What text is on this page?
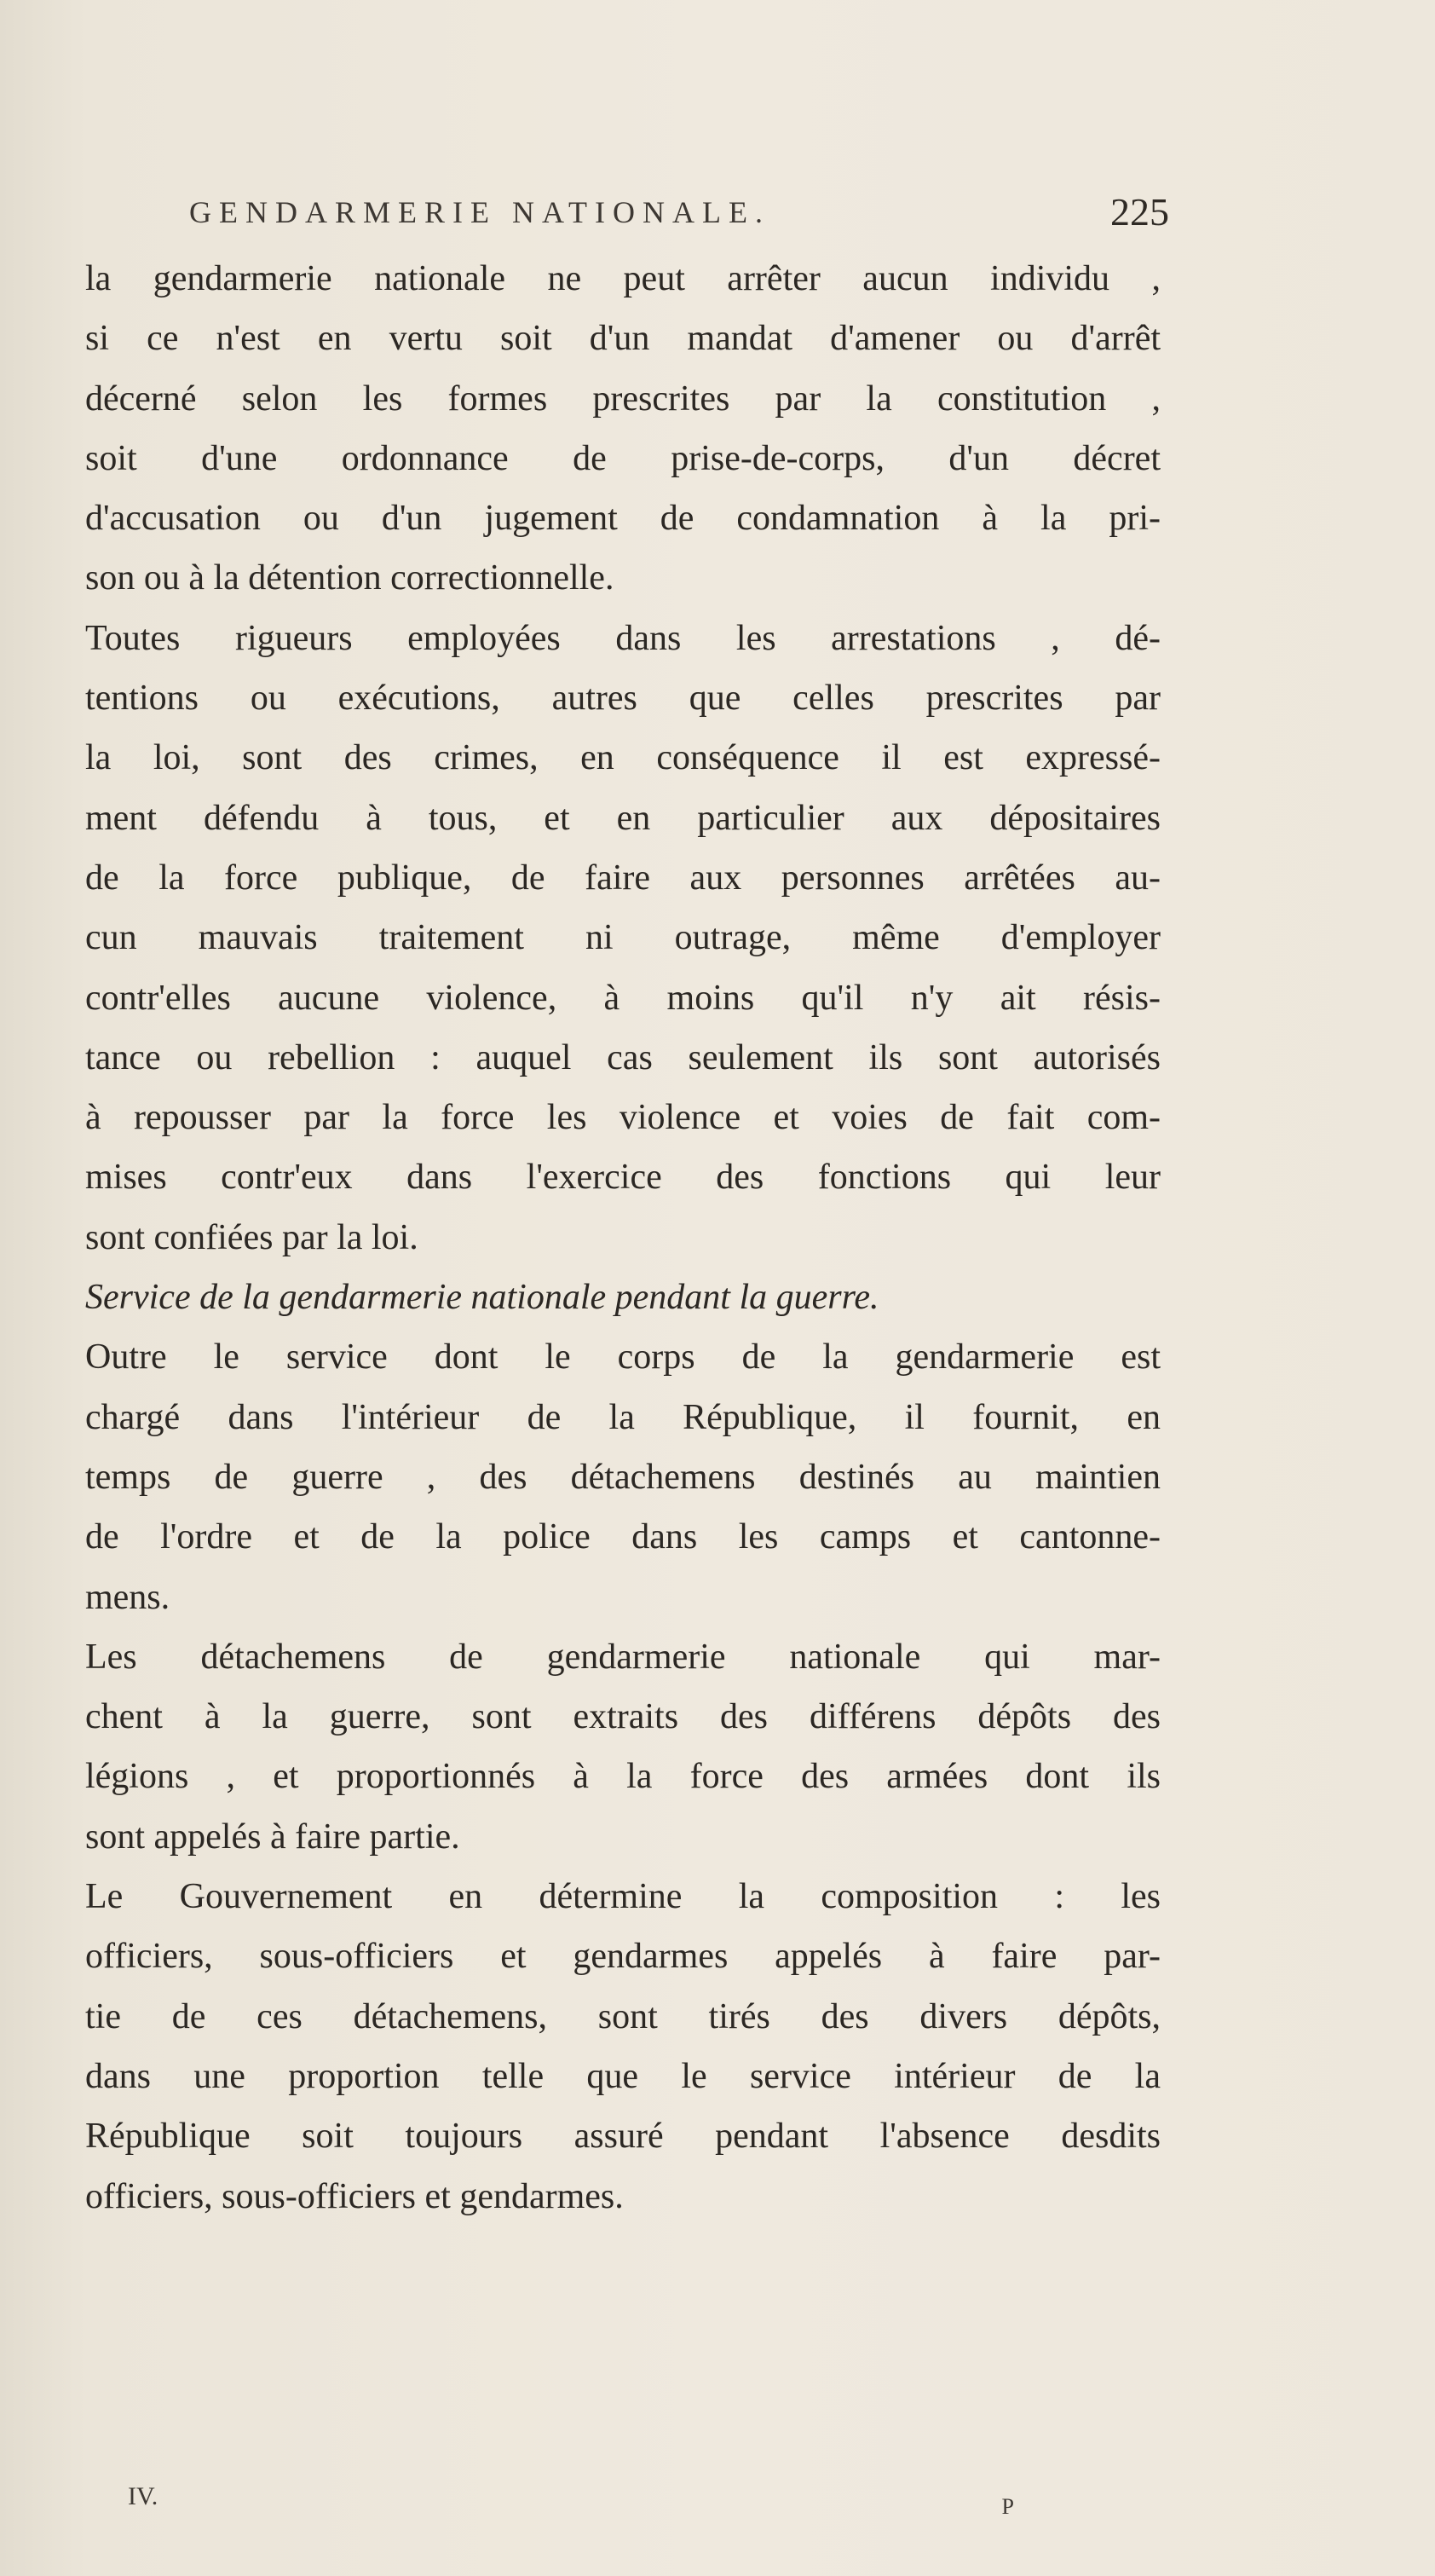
GENDARMERIE NATIONALE.	225
la gendarmerie nationale ne peut arrêter aucun individu ,
si ce n'est en vertu soit d'un mandat d'amener ou d'arrêt
décerné selon les formes prescrites par la constitution ,
soit d'une ordonnance de prise-de-corps, d'un décret
d'accusation ou d'un jugement de condamnation à la pri-
son ou à la détention correctionnelle.
Toutes rigueurs employées dans les arrestations , dé-
tentions ou exécutions, autres que celles prescrites par
la loi, sont des crimes, en conséquence il est expressé-
ment défendu à tous, et en particulier aux dépositaires
de la force publique, de faire aux personnes arrêtées au-
cun mauvais traitement ni outrage, même d'employer
contr'elles aucune violence, à moins qu'il n'y ait résis-
tance ou rebellion : auquel cas seulement ils sont autorisés
à repousser par la force les violence et voies de fait com-
mises contr'eux dans l'exercice des fonctions qui leur
sont confiées par la loi.
Service de la gendarmerie nationale pendant la guerre.
Outre le service dont le corps de la gendarmerie est
chargé dans l'intérieur de la République, il fournit, en
temps de guerre , des détachemens destinés au maintien
de l'ordre et de la police dans les camps et cantonne-
mens.
Les détachemens de gendarmerie nationale qui mar-
chent à la guerre, sont extraits des différens dépôts des
légions , et proportionnés à la force des armées dont ils
sont appelés à faire partie.
Le Gouvernement en détermine la composition : les
officiers, sous-officiers et gendarmes appelés à faire par-
tie de ces détachemens, sont tirés des divers dépôts,
dans une proportion telle que le service intérieur de la
République soit toujours assuré pendant l'absence desdits
officiers, sous-officiers et gendarmes.
IV.	P
